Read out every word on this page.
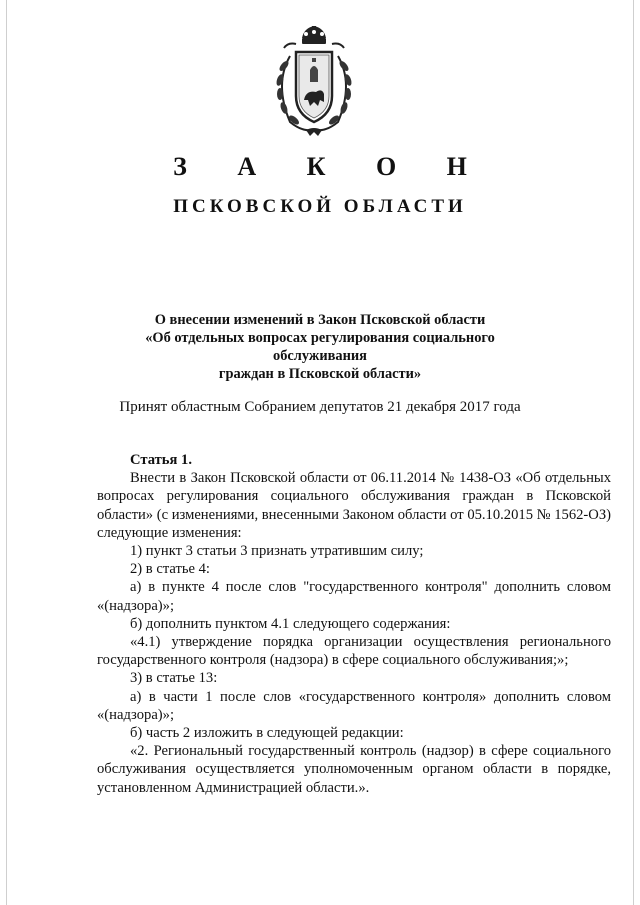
З А К О Н
ПСКОВСКОЙ ОБЛАСТИ
О внесении изменений в Закон Псковской области
«Об отдельных вопросах регулирования социального обслуживания
граждан в Псковской области»
Принят областным Собранием депутатов 21 декабря 2017 года

Статья 1.

Внести в Закон Псковской области от 06.11.2014 № 1438-ОЗ «Об отдельных вопросах регулирования социального обслуживания граждан в Псковской области» (с изменениями, внесенными Законом области от 05.10.2015 № 1562-ОЗ) следующие изменения:

1) пункт 3 статьи 3 признать утратившим силу;

2) в статье 4:

а) в пункте 4 после слов "государственного контроля" дополнить словом «(надзора)»;

б) дополнить пунктом 4.1 следующего содержания:

«4.1) утверждение порядка организации осуществления регионального государственного контроля (надзора) в сфере социального обслуживания;»;

3) в статье 13:

а) в части 1 после слов «государственного контроля» дополнить словом «(надзора)»;

б) часть 2 изложить в следующей редакции:

«2. Региональный государственный контроль (надзор) в сфере социального обслуживания осуществляется уполномоченным органом области в порядке, установленном Администрацией области.».
